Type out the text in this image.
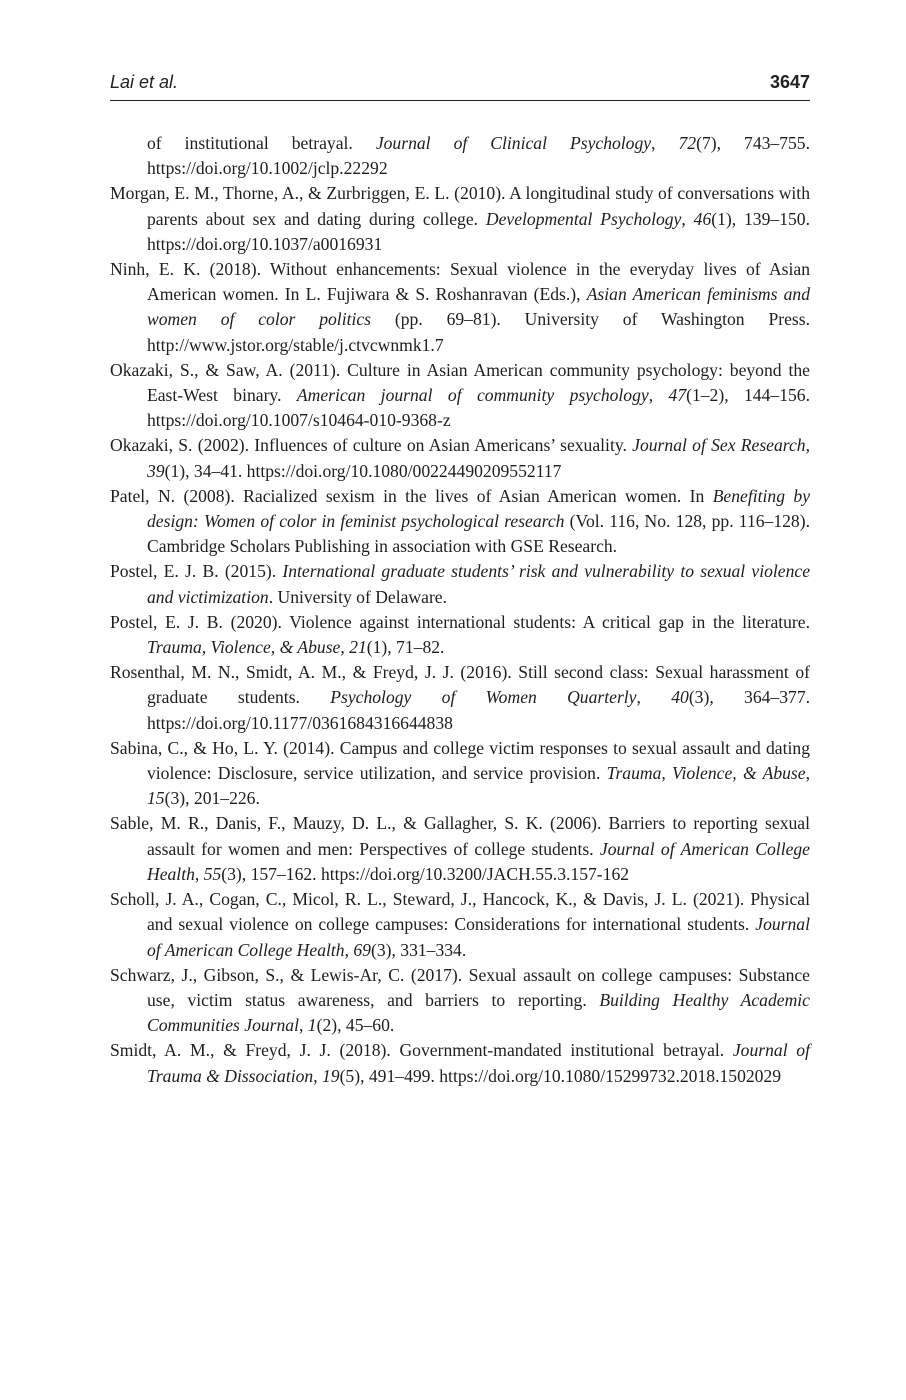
Lai et al.	3647
of institutional betrayal. Journal of Clinical Psychology, 72(7), 743–755. https://doi.org/10.1002/jclp.22292
Morgan, E. M., Thorne, A., & Zurbriggen, E. L. (2010). A longitudinal study of conversations with parents about sex and dating during college. Developmental Psychology, 46(1), 139–150. https://doi.org/10.1037/a0016931
Ninh, E. K. (2018). Without enhancements: Sexual violence in the everyday lives of Asian American women. In L. Fujiwara & S. Roshanravan (Eds.), Asian American feminisms and women of color politics (pp. 69–81). University of Washington Press. http://www.jstor.org/stable/j.ctvcwnmk1.7
Okazaki, S., & Saw, A. (2011). Culture in Asian American community psychology: beyond the East-West binary. American journal of community psychology, 47(1–2), 144–156. https://doi.org/10.1007/s10464-010-9368-z
Okazaki, S. (2002). Influences of culture on Asian Americans’ sexuality. Journal of Sex Research, 39(1), 34–41. https://doi.org/10.1080/00224490209552117
Patel, N. (2008). Racialized sexism in the lives of Asian American women. In Benefiting by design: Women of color in feminist psychological research (Vol. 116, No. 128, pp. 116–128). Cambridge Scholars Publishing in association with GSE Research.
Postel, E. J. B. (2015). International graduate students’ risk and vulnerability to sexual violence and victimization. University of Delaware.
Postel, E. J. B. (2020). Violence against international students: A critical gap in the literature. Trauma, Violence, & Abuse, 21(1), 71–82.
Rosenthal, M. N., Smidt, A. M., & Freyd, J. J. (2016). Still second class: Sexual harassment of graduate students. Psychology of Women Quarterly, 40(3), 364–377. https://doi.org/10.1177/0361684316644838
Sabina, C., & Ho, L. Y. (2014). Campus and college victim responses to sexual assault and dating violence: Disclosure, service utilization, and service provision. Trauma, Violence, & Abuse, 15(3), 201–226.
Sable, M. R., Danis, F., Mauzy, D. L., & Gallagher, S. K. (2006). Barriers to reporting sexual assault for women and men: Perspectives of college students. Journal of American College Health, 55(3), 157–162. https://doi.org/10.3200/JACH.55.3.157-162
Scholl, J. A., Cogan, C., Micol, R. L., Steward, J., Hancock, K., & Davis, J. L. (2021). Physical and sexual violence on college campuses: Considerations for international students. Journal of American College Health, 69(3), 331–334.
Schwarz, J., Gibson, S., & Lewis-Ar, C. (2017). Sexual assault on college campuses: Substance use, victim status awareness, and barriers to reporting. Building Healthy Academic Communities Journal, 1(2), 45–60.
Smidt, A. M., & Freyd, J. J. (2018). Government-mandated institutional betrayal. Journal of Trauma & Dissociation, 19(5), 491–499. https://doi.org/10.1080/15299732.2018.1502029
